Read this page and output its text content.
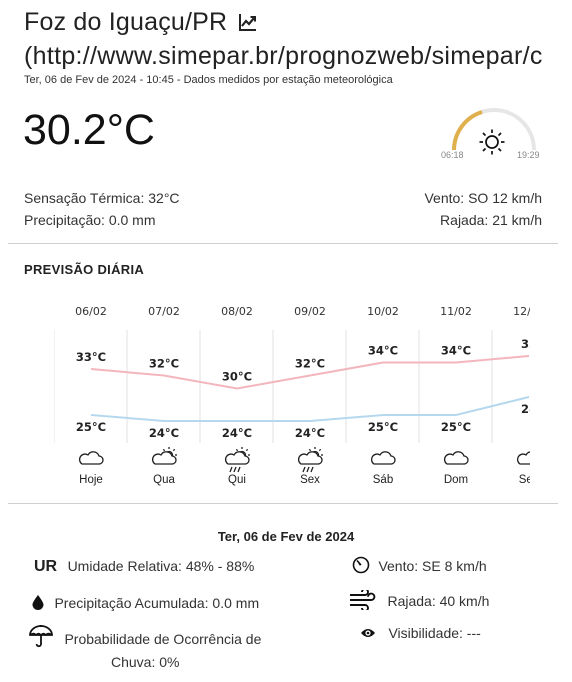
Foz do Iguaçu/PR
(http://www.simepar.br/prognozweb/simepar/c
Ter, 06 de Fev de 2024 - 10:45 - Dados medidos por estação meteorológica
30.2°C
06:18	19:29
Sensação Térmica: 32°C
Precipitação: 0.0 mm
Vento: SO 12 km/h
Rajada: 21 km/h
PREVISÃO DIÁRIA
06/02
33°C
25°C
Hoje
07/02
32°C
24°C
Qua
08/02
30°C
24°C
Qui
09/02
32°C
24°C
Sex
10/02
34°C
25°C
Sáb
11/02
34°C
25°C
Dom
12/02
35
28
Seg
Ter, 06 de Fev de 2024
UR Umidade Relativa: 48% - 88%
Precipitação Acumulada: 0.0 mm
Probabilidade de Ocorrência de
Chuva: 0%
Vento: SE 8 km/h
Rajada: 40 km/h
Visibilidade: ---
